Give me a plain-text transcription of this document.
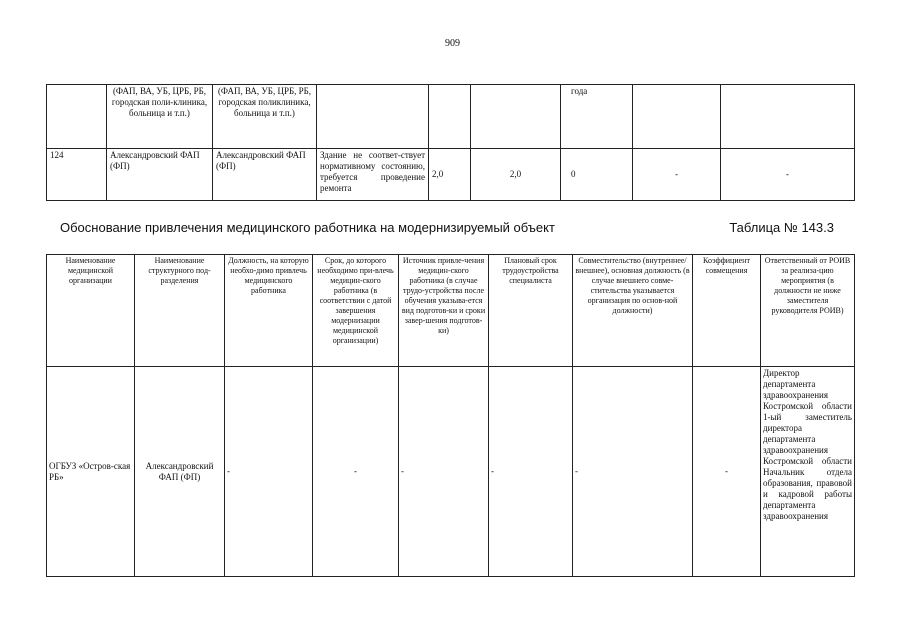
909
	(ФАП, ВА, УБ, ЦРБ, РБ, городская поли-клиника, больница и т.п.)	(ФАП, ВА, УБ, ЦРБ, РБ, городская поликлиника, больница и т.п.)				года		
124	Александровский ФАП (ФП)	Александровский ФАП (ФП)	Здание не соответ-ствует нормативному состоянию, требуется проведение ремонта	2,0	2,0	0	-	-
Обоснование привлечения медицинского работника на модернизируемый объект	Таблица № 143.3
Наименование медицинской организации	Наименование структурного под-разделения	Должность, на которую необхо-димо привлечь медицинского работника	Срок, до которого необходимо при-влечь медицин-ского работника (в соответствии с датой завершения модернизации медицинской организации)	Источник привле-чения медицин-ского работника (в случае трудо-устройства после обучения указыва-ется вид подготов-ки и сроки завер-шения подготов-ки)	Плановый срок трудоустройства специалиста	Совместительство (внутреннее/внешнее), основная должность (в случае внешнего совме-стительства указывается организация по основ-ной должности)	Коэффициент совмещения	Ответственный от РОИВ за реализа-цию мероприятия (в должности не ниже заместителя руководителя РОИВ)
ОГБУЗ «Остров-ская РБ»	Александровский ФАП (ФП)	-	-	-	-	-	-	Директор департамента здравоохранения Костромской области 1-ый заместитель директора департамента здравоохранения Костромской области Начальник отдела образования, правовой и кадровой работы департамента здравоохранения
